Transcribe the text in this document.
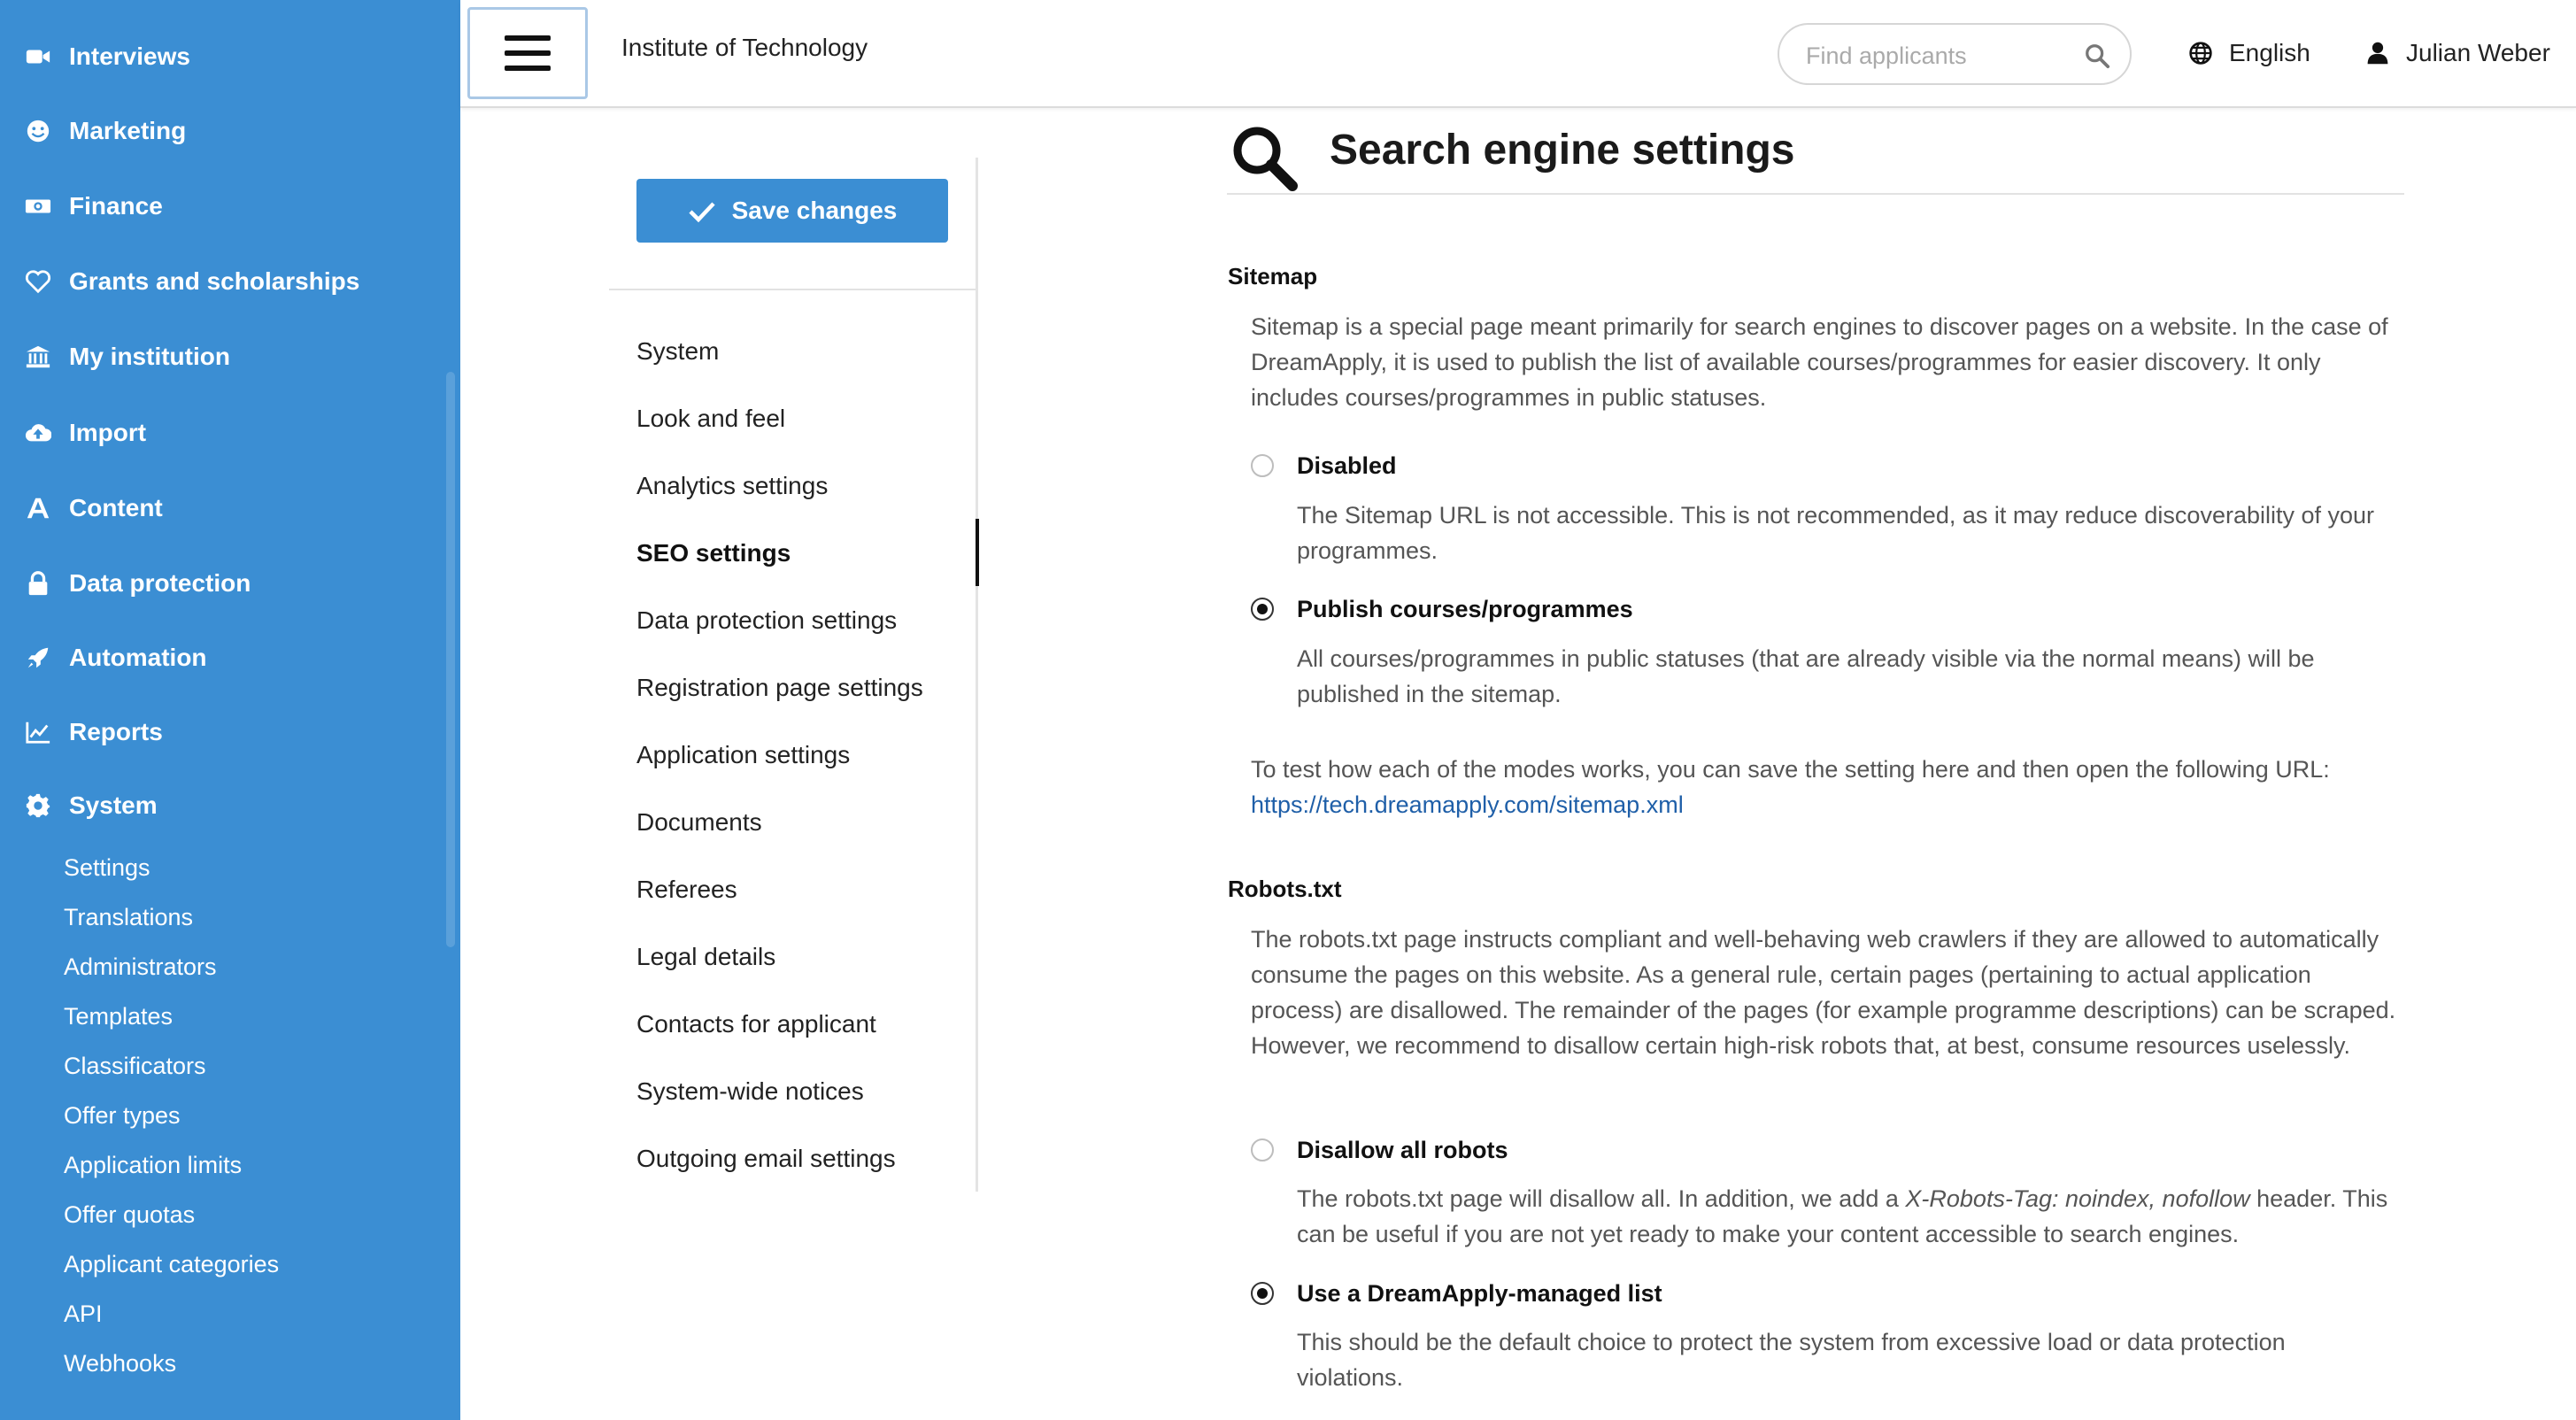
Interviews
Marketing
Finance
Grants and scholarships
My institution
Import
Content
Data protection
Automation
Reports
System
Settings
Translations
Administrators
Templates
Classificators
Offer types
Application limits
Offer quotas
Applicant categories
API
Webhooks
Institute of Technology
Find applicants	English	Julian Weber
Save changes
System
Look and feel
Analytics settings
SEO settings
Data protection settings
Registration page settings
Application settings
Documents
Referees
Legal details
Contacts for applicant
System-wide notices
Outgoing email settings
Search engine settings
Sitemap
Sitemap is a special page meant primarily for search engines to discover pages on a website. In the case of DreamApply, it is used to publish the list of available courses/programmes for easier discovery. It only includes courses/programmes in public statuses.
Disabled
The Sitemap URL is not accessible. This is not recommended, as it may reduce discoverability of your programmes.
Publish courses/programmes
All courses/programmes in public statuses (that are already visible via the normal means) will be published in the sitemap.
To test how each of the modes works, you can save the setting here and then open the following URL:
https://tech.dreamapply.com/sitemap.xml
Robots.txt
The robots.txt page instructs compliant and well-behaving web crawlers if they are allowed to automatically consume the pages on this website. As a general rule, certain pages (pertaining to actual application process) are disallowed. The remainder of the pages (for example programme descriptions) can be scraped. However, we recommend to disallow certain high-risk robots that, at best, consume resources uselessly.
Disallow all robots
The robots.txt page will disallow all. In addition, we add a X-Robots-Tag: noindex, nofollow header. This can be useful if you are not yet ready to make your content accessible to search engines.
Use a DreamApply-managed list
This should be the default choice to protect the system from excessive load or data protection violations.
